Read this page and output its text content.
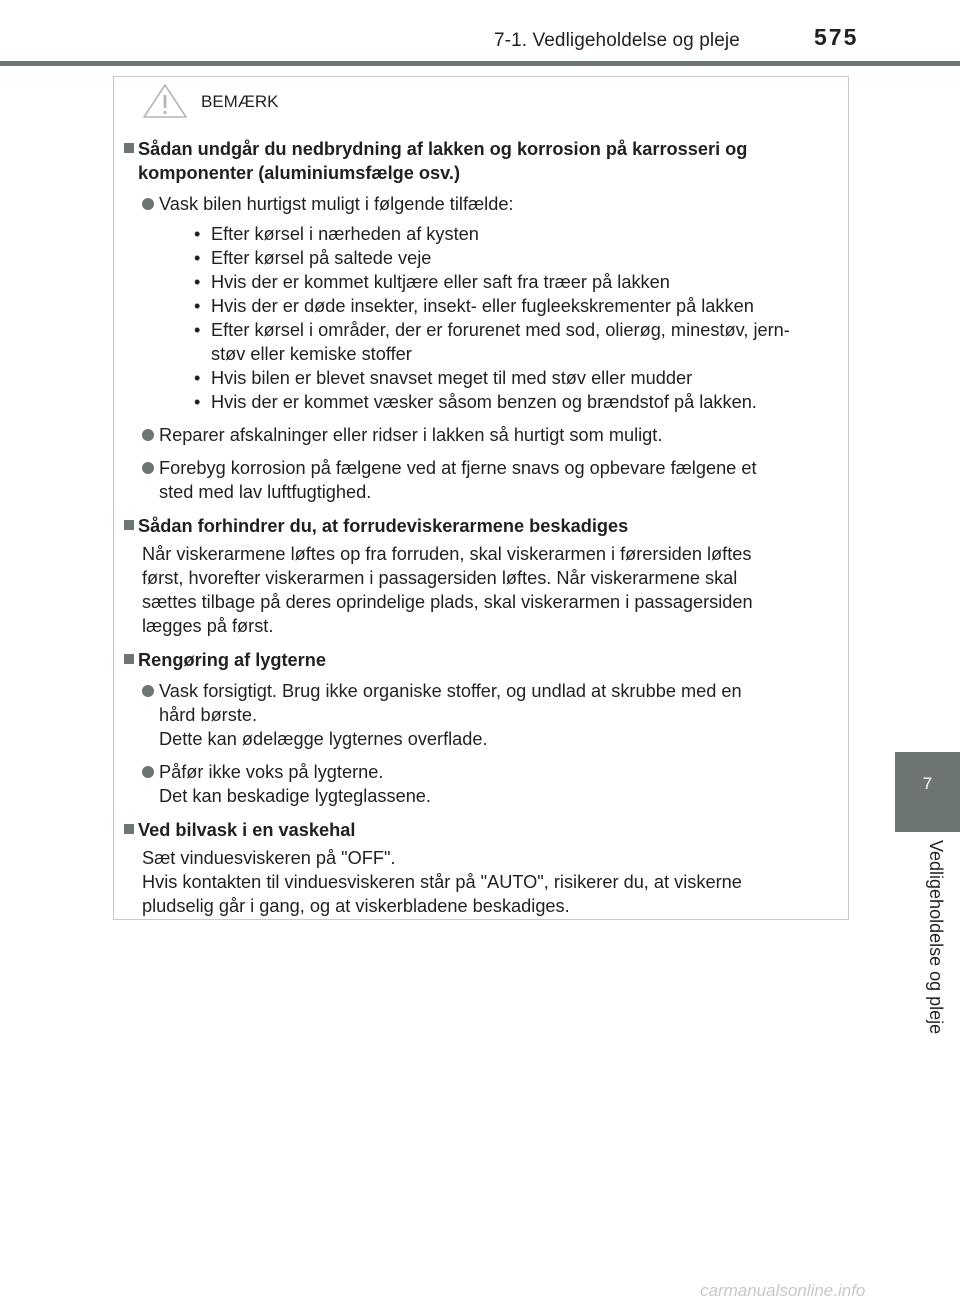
7-1. Vedligeholdelse og pleje	575
7
Vedligeholdelse og pleje
BEMÆRK
Sådan undgår du nedbrydning af lakken og korrosion på karrosseri og
komponenter (aluminiumsfælge osv.)
Vask bilen hurtigst muligt i følgende tilfælde:
• Efter kørsel i nærheden af kysten
• Efter kørsel på saltede veje
• Hvis der er kommet kultjære eller saft fra træer på lakken
• Hvis der er døde insekter, insekt- eller fugleekskrementer på lakken
• Efter kørsel i områder, der er forurenet med sod, olierøg, minestøv, jern-
støv eller kemiske stoffer
• Hvis bilen er blevet snavset meget til med støv eller mudder
• Hvis der er kommet væsker såsom benzen og brændstof på lakken.
Reparer afskalninger eller ridser i lakken så hurtigt som muligt.
Forebyg korrosion på fælgene ved at fjerne snavs og opbevare fælgene et
sted med lav luftfugtighed.
Sådan forhindrer du, at forrudeviskerarmene beskadiges
Når viskerarmene løftes op fra forruden, skal viskerarmen i førersiden løftes
først, hvorefter viskerarmen i passagersiden løftes. Når viskerarmene skal
sættes tilbage på deres oprindelige plads, skal viskerarmen i passagersiden
lægges på først.
Rengøring af lygterne
Vask forsigtigt. Brug ikke organiske stoffer, og undlad at skrubbe med en
hård børste.
Dette kan ødelægge lygternes overflade.
Påfør ikke voks på lygterne.
Det kan beskadige lygteglassene.
Ved bilvask i en vaskehal
Sæt vinduesviskeren på "OFF".
Hvis kontakten til vinduesviskeren står på "AUTO", risikerer du, at viskerne
pludselig går i gang, og at viskerbladene beskadiges.
carmanualsonline.info
